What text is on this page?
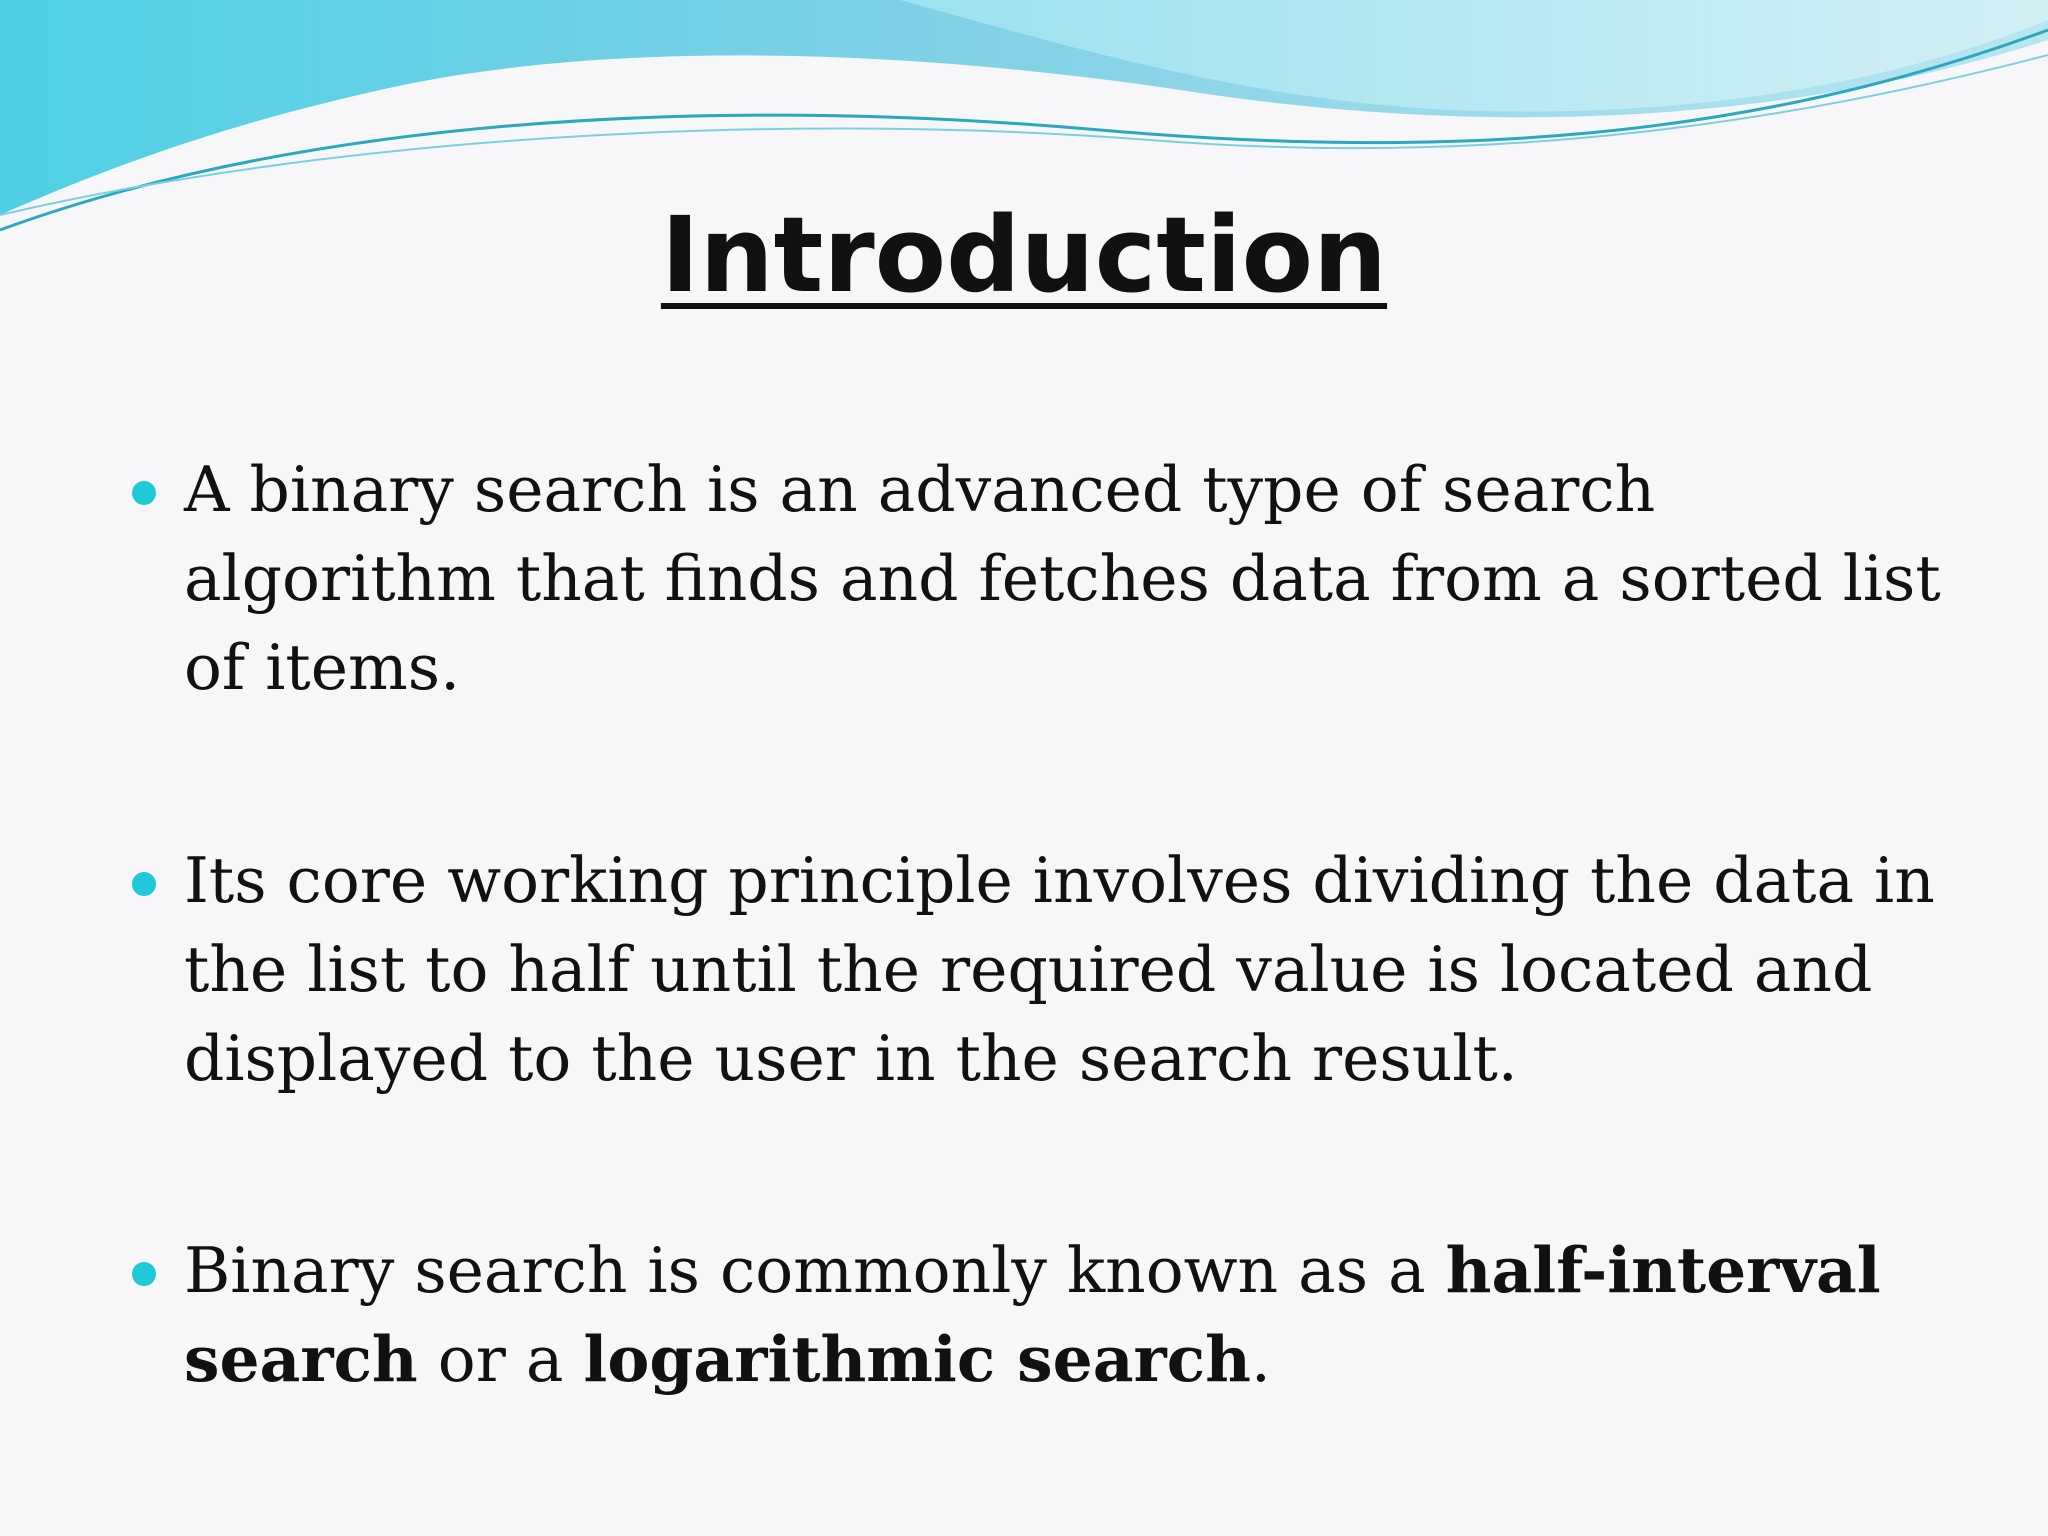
Introduction
A binary search is an advanced type of search algorithm that finds and fetches data from a sorted list of items.
Its core working principle involves dividing the data in the list to half until the required value is located and displayed to the user in the search result.
Binary search is commonly known as a half-interval search or a logarithmic search.
